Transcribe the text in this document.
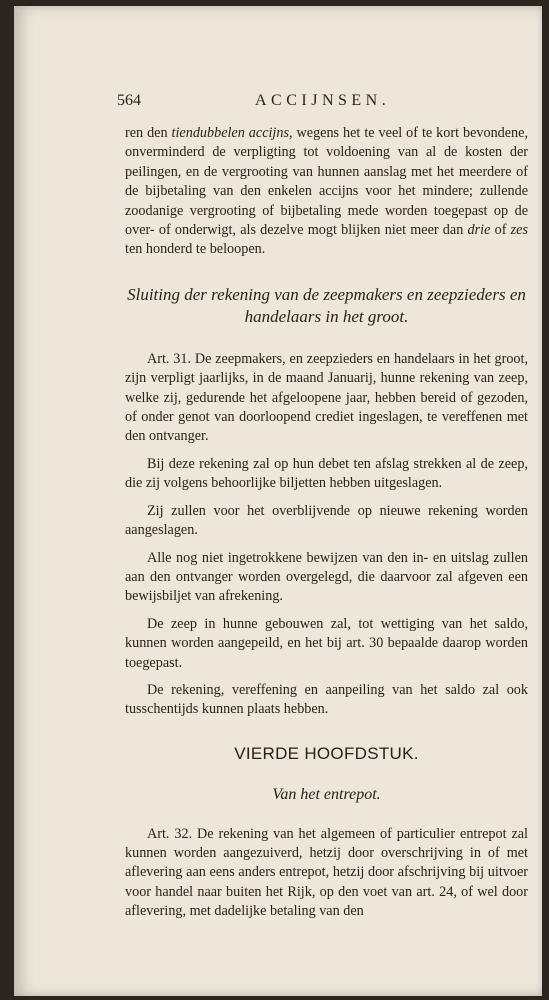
564	ACCIJNSEN.

ren den tiendubbelen accijns, wegens het te veel of te kort bevondene, onverminderd de verpligting tot voldoening van al de kosten der peilingen, en de vergrooting van hunnen aanslag met het meerdere of de bijbetaling van den enkelen accijns voor het mindere; zullende zoodanige vergrooting of bijbetaling mede worden toegepast op de over- of onderwigt, als dezelve mogt blijken niet meer dan drie of zes ten honderd te beloopen.

Sluiting der rekening van de zeepmakers en zeepzieders en handelaars in het groot.

Art. 31. De zeepmakers, en zeepzieders en handelaars in het groot, zijn verpligt jaarlijks, in de maand Januarij, hunne rekening van zeep, welke zij, gedurende het afgeloopene jaar, hebben bereid of gezoden, of onder genot van doorloopend crediet ingeslagen, te vereffenen met den ontvanger.

Bij deze rekening zal op hun debet ten afslag strekken al de zeep, die zij volgens behoorlijke biljetten hebben uitgeslagen.

Zij zullen voor het overblijvende op nieuwe rekening worden aangeslagen.

Alle nog niet ingetrokkene bewijzen van den in- en uitslag zullen aan den ontvanger worden overgelegd, die daarvoor zal afgeven een bewijsbiljet van afrekening.

De zeep in hunne gebouwen zal, tot wettiging van het saldo, kunnen worden aangepeild, en het bij art. 30 bepaalde daarop worden toegepast.

De rekening, vereffening en aanpeiling van het saldo zal ook tusschentijds kunnen plaats hebben.

VIERDE HOOFDSTUK.
Van het entrepot.

Art. 32. De rekening van het algemeen of particulier entrepot zal kunnen worden aangezuiverd, hetzij door overschrijving in of met aflevering aan eens anders entrepot, hetzij door afschrijving bij uitvoer voor handel naar buiten het Rijk, op den voet van art. 24, of wel door aflevering, met dadelijke betaling van den
